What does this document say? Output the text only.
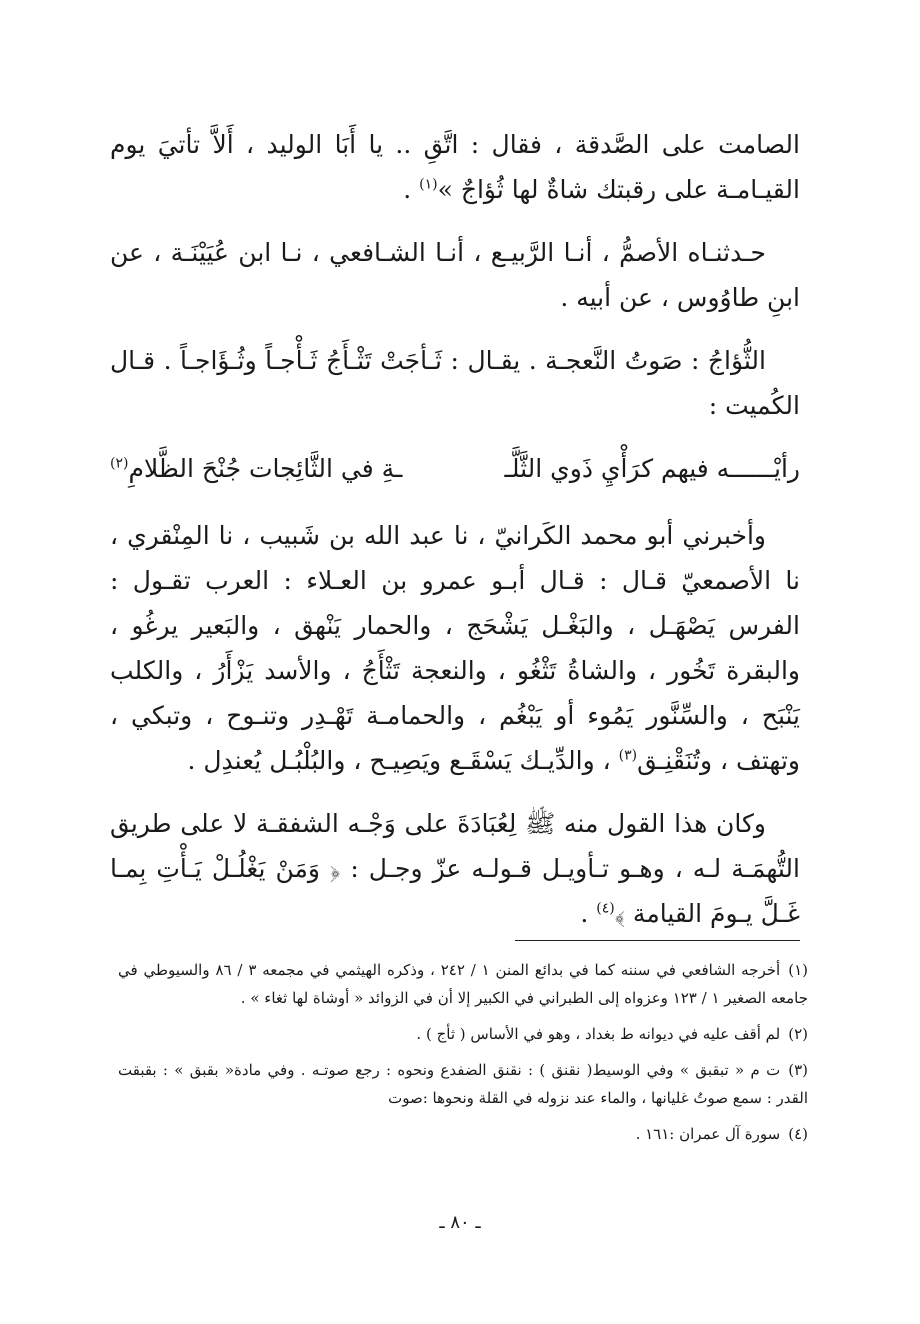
الصامت على الصَّدقة ، فقال : اتَّقِ .. يا أَبَا الوليد ، أَلاَّ تأتيَ يوم القيـامـة على رقبتك شاةٌ لها ثُؤاجٌ »$^{(١)}$ .
حـدثنـاه الأصمُّ ، أنـا الرَّبيـع ، أنـا الشـافعي ، نـا ابن عُيَيْنَـة ، عن ابنِ طاوُوس ، عن أبيه .
الثُّؤاجُ : صَوتُ النَّعجـة . يقـال : ثَـأجَتْ تَثْـأَجُ ثَـأْجـاً وثُـؤَاجـاً . قـال الكُميت :
رأيْــــــه فيهم كرَأْيِ ذَوي الثَّلَّـ
ـةِ في الثَّائِجات جُنْحَ الظَّلامِ$^{(٢)}$
وأخبرني أبو محمد الكَرانيّ ، نا عبد الله بن شَبيب ، نا المِنْقري ، نا الأصمعيّ قـال : قـال أبـو عمرو بن العـلاء : العرب تقـول : الفرس يَصْهَـل ، والبَغْـل يَشْحَج ، والحمار يَنْهق ، والبَعير يرغُو ، والبقرة تَخُور ، والشاةُ تَثْغُو ، والنعجة تَثْأَجُ ، والأسد يَزْأَرُ ، والكلب يَنْبَح ، والسِّنَّور يَمُوء أو يَبْغُم ، والحمامـة تَهْـدِر وتنـوح ، وتبكي ، وتهتف ، وتُنَقْنِـق$^{(٣)}$ ، والدِّيـك يَسْقَـع ويَصِيـح ، والبُلْبُـل يُعندِل .
وكان هذا القول منه ﷺ لِعُبَادَةَ على وَجْـه الشفقـة لا على طريق التُّهمَـة لـه ، وهـو تـأويـل قـولـه عزّ وجـل : ﴿ وَمَنْ يَغْلُـلْ يَـأْتِ بِمـا غَـلَّ يـومَ القيامة ﴾$^{(٤)}$ .
(١)أخرجه الشافعي في سننه كما في بدائع المنن ١ / ٢٤٢ ، وذكره الهيثمي في مجمعه ٣ / ٨٦ والسيوطي في جامعه الصغير ١ / ١٢٣ وعزواه إلى الطبراني في الكبير إلا أن في الزوائد « أوشاة لها ثغاء » .
(٢)لم أقف عليه في ديوانه ط بغداد ، وهو في الأساس ( ثأج ) .
(٣)ت م « تبقبق » وفي الوسيط( نقنق ) : نقنق الضفدع ونحوه : رجع صوتـه . وفي مادة« بقبق » : بقبقت القدر : سمع صوتُ غليانها ، والماء عند نزوله في القلة ونحوها :صوت
(٤)سورة آل عمران :١٦١ .
ـ ٨٠ ـ
